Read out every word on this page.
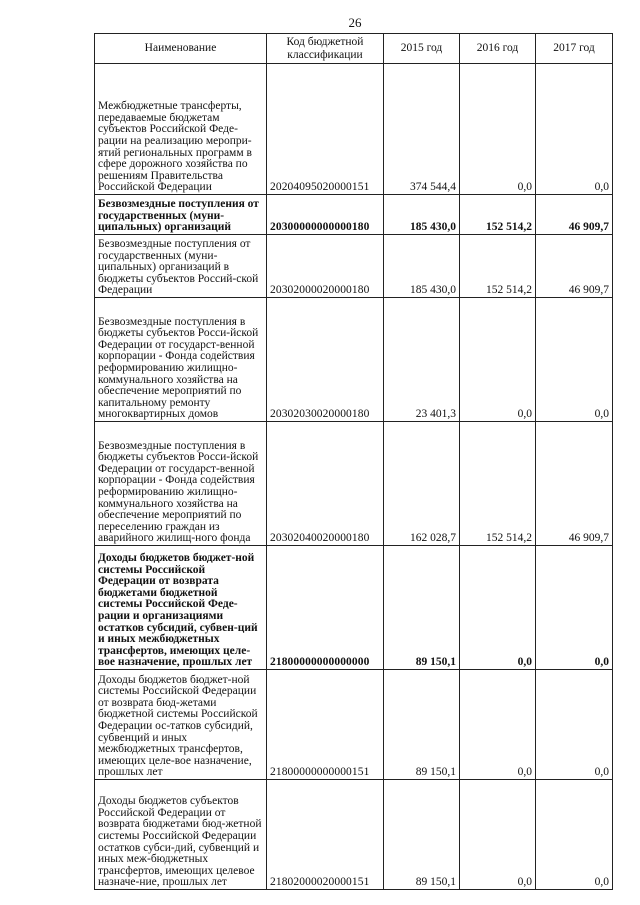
26
Наименование	Код бюджетной классификации	2015 год	2016 год	2017 год
Межбюджетные трансферты, передаваемые бюджетам субъектов Российской Феде-рации на реализацию меропри-ятий региональных программ в сфере дорожного хозяйства по решениям Правительства Российской Федерации	20204095020000151	374 544,4	0,0	0,0
Безвозмездные поступления от государственных (муни-ципальных) организаций	20300000000000180	185 430,0	152 514,2	46 909,7
Безвозмездные поступления от государственных (муни-ципальных) организаций в бюджеты субъектов Россий-ской Федерации	20302000020000180	185 430,0	152 514,2	46 909,7
Безвозмездные поступления в бюджеты субъектов Росси-йской Федерации от государст-венной корпорации - Фонда содействия реформированию жилищно-коммунального хозяйства на обеспечение мероприятий по капитальному ремонту многоквартирных домов	20302030020000180	23 401,3	0,0	0,0
Безвозмездные поступления в бюджеты субъектов Росси-йской Федерации от государст-венной корпорации - Фонда содействия реформированию жилищно-коммунального хозяйства на обеспечение мероприятий по переселению граждан из аварийного жилищ-ного фонда	20302040020000180	162 028,7	152 514,2	46 909,7
Доходы бюджетов бюджет-ной системы Российской Федерации от возврата бюджетами бюджетной системы Российской Феде-рации и организациями остатков субсидий, субвен-ций и иных межбюджетных трансфертов, имеющих целе-вое назначение, прошлых лет	21800000000000000	89 150,1	0,0	0,0
Доходы бюджетов бюджет-ной системы Российской Федерации от возврата бюд-жетами бюджетной системы Российской Федерации ос-татков субсидий, субвенций и иных межбюджетных трансфертов, имеющих целе-вое назначение, прошлых лет	21800000000000151	89 150,1	0,0	0,0
Доходы бюджетов субъектов Российской Федерации от возврата бюджетами бюд-жетной системы Российской Федерации остатков субси-дий, субвенций и иных меж-бюджетных трансфертов, имеющих целевое назначе-ние, прошлых лет	21802000020000151	89 150,1	0,0	0,0
